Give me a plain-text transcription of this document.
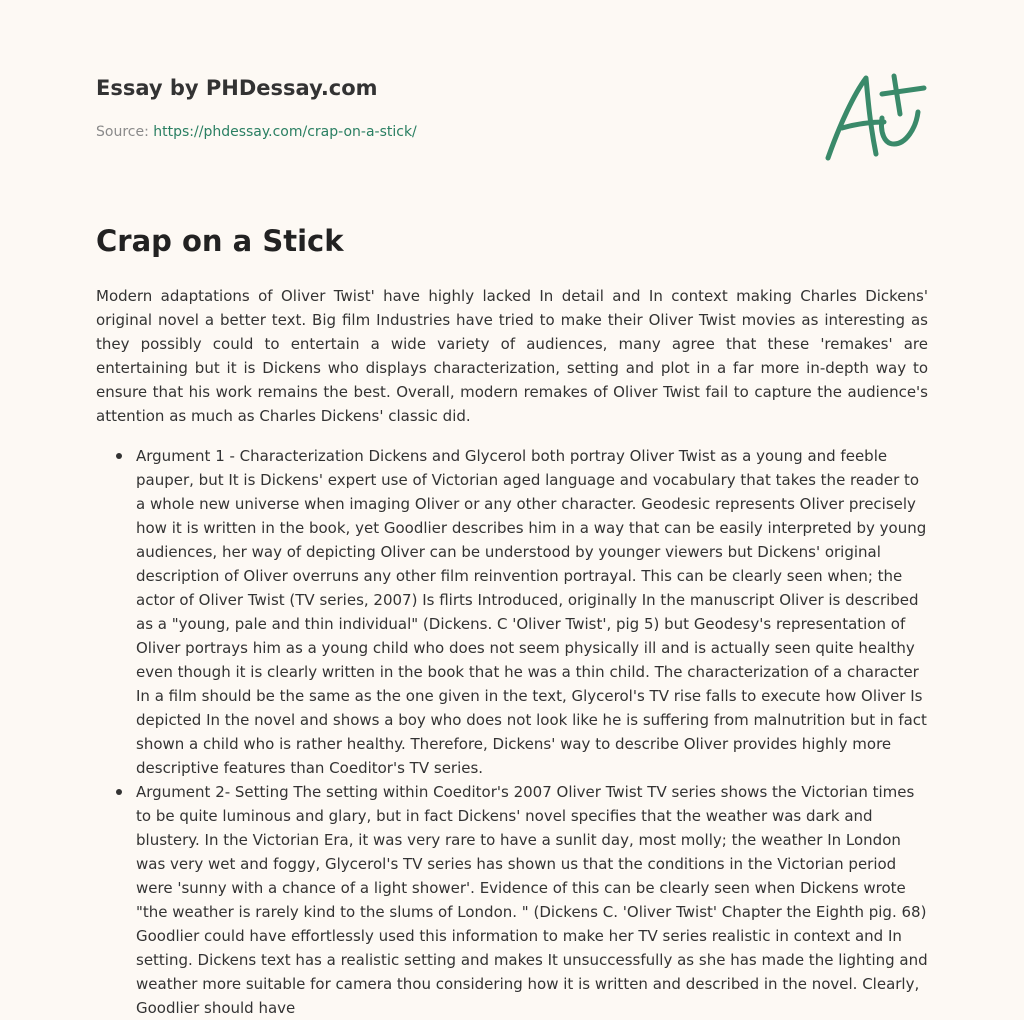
Essay by PHDessay.com

Source: https://phdessay.com/crap-on-a-stick/
Crap on a Stick

Modern adaptations of Oliver Twist' have highly lacked In detail and In context making Charles Dickens' original novel a better text. Big film Industries have tried to make their Oliver Twist movies as interesting as they possibly could to entertain a wide variety of audiences, many agree that these 'remakes' are entertaining but it is Dickens who displays characterization, setting and plot in a far more in-depth way to ensure that his work remains the best. Overall, modern remakes of Oliver Twist fail to capture the audience's attention as much as Charles Dickens' classic did.

Argument 1 - Characterization Dickens and Glycerol both portray Oliver Twist as a young and feeble pauper, but It is Dickens' expert use of Victorian aged language and vocabulary that takes the reader to a whole new universe when imaging Oliver or any other character. Geodesic represents Oliver precisely how it is written in the book, yet Goodlier describes him in a way that can be easily interpreted by young audiences, her way of depicting Oliver can be understood by younger viewers but Dickens' original description of Oliver overruns any other film reinvention portrayal. This can be clearly seen when; the actor of Oliver Twist (TV series, 2007) Is flirts Introduced, originally In the manuscript Oliver is described as a "young, pale and thin individual" (Dickens. C 'Oliver Twist', pig 5) but Geodesy's representation of Oliver portrays him as a young child who does not seem physically ill and is actually seen quite healthy even though it is clearly written in the book that he was a thin child. The characterization of a character In a film should be the same as the one given in the text, Glycerol's TV rise falls to execute how Oliver Is depicted In the novel and shows a boy who does not look like he is suffering from malnutrition but in fact shown a child who is rather healthy. Therefore, Dickens' way to describe Oliver provides highly more descriptive features than Coeditor's TV series.
Argument 2- Setting The setting within Coeditor's 2007 Oliver Twist TV series shows the Victorian times to be quite luminous and glary, but in fact Dickens' novel specifies that the weather was dark and blustery. In the Victorian Era, it was very rare to have a sunlit day, most molly; the weather In London was very wet and foggy, Glycerol's TV series has shown us that the conditions in the Victorian period were 'sunny with a chance of a light shower'. Evidence of this can be clearly seen when Dickens wrote "the weather is rarely kind to the slums of London. " (Dickens C. 'Oliver Twist' Chapter the Eighth pig. 68) Goodlier could have effortlessly used this information to make her TV series realistic in context and In setting. Dickens text has a realistic setting and makes It unsuccessfully as she has made the lighting and weather more suitable for camera thou considering how it is written and described in the novel. Clearly, Goodlier should have
